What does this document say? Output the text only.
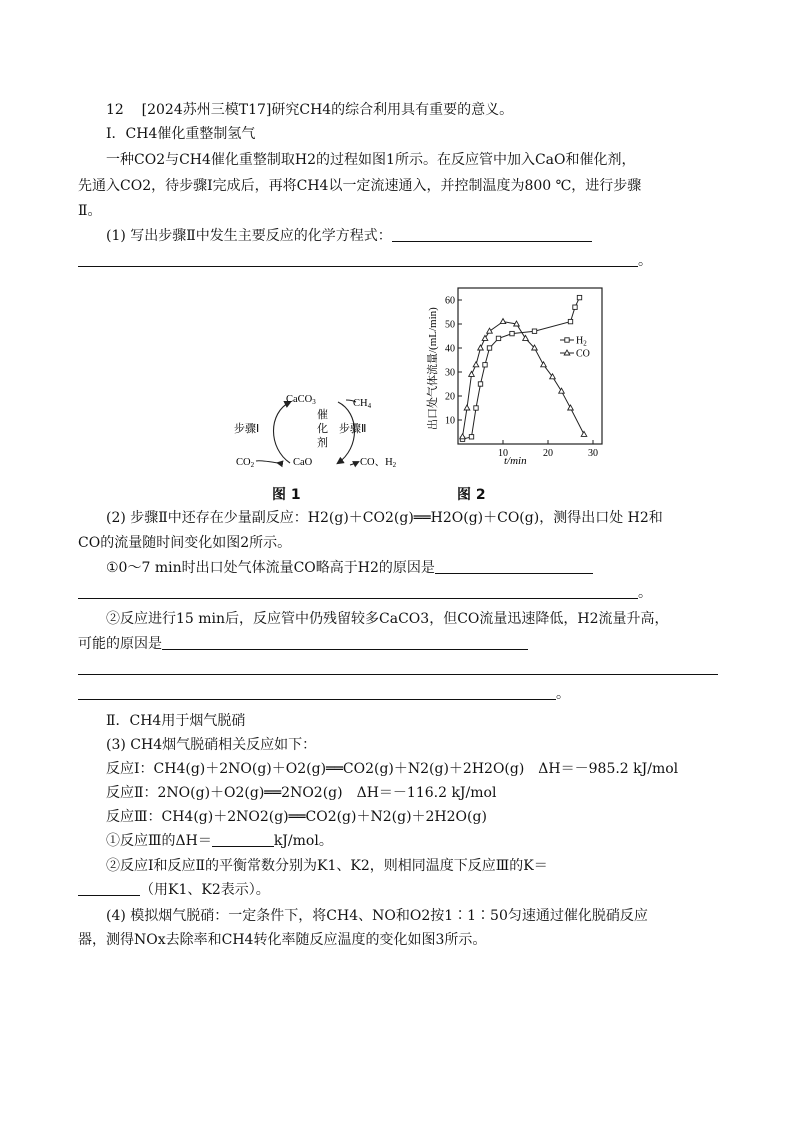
12 [2024苏州三模T17]研究CH4的综合利用具有重要的意义。
Ⅰ．CH4催化重整制氢气
一种CO2与CH4催化重整制取H2的过程如图1所示。在反应管中加入CaO和催化剂，
先通入CO2，待步骤Ⅰ完成后，再将CH4以一定流速通入，并控制温度为800 ℃，进行步骤
Ⅱ。
(1) 写出步骤Ⅱ中发生主要反应的化学方程式：
。
CaCO3
CaO
CO2
CH4
CO、H2
步骤Ⅰ	步骤Ⅱ
催
化
剂
图 1
出口处气体流量/(mL/min) 10
20
30
40
50
60
10	20	30
$H_2$
CO
t/min
图 2
(2) 步骤Ⅱ中还存在少量副反应：H2(g)＋CO2(g)══H2O(g)＋CO(g)，测得出口处 H2和
CO的流量随时间变化如图2所示。
①0～7 min时出口处气体流量CO略高于H2的原因是
。
②反应进行15 min后，反应管中仍残留较多CaCO3，但CO流量迅速降低，H2流量升高，
可能的原因是
。
Ⅱ．CH4用于烟气脱硝
(3) CH4烟气脱硝相关反应如下：
反应Ⅰ：CH4(g)＋2NO(g)＋O2(g)══CO2(g)＋N2(g)＋2H2O(g)　ΔH＝－985.2 kJ/mol
反应Ⅱ：2NO(g)＋O2(g)══2NO2(g)　ΔH＝－116.2 kJ/mol
反应Ⅲ：CH4(g)＋2NO2(g)══CO2(g)＋N2(g)＋2H2O(g)
①反应Ⅲ的ΔH＝	kJ/mol。
②反应Ⅰ和反应Ⅱ的平衡常数分别为K1、K2，则相同温度下反应Ⅲ的K＝
（用K1、K2表示）。
(4) 模拟烟气脱硝：一定条件下，将CH4、NO和O2按1∶1∶50匀速通过催化脱硝反应
器，测得NOx去除率和CH4转化率随反应温度的变化如图3所示。
